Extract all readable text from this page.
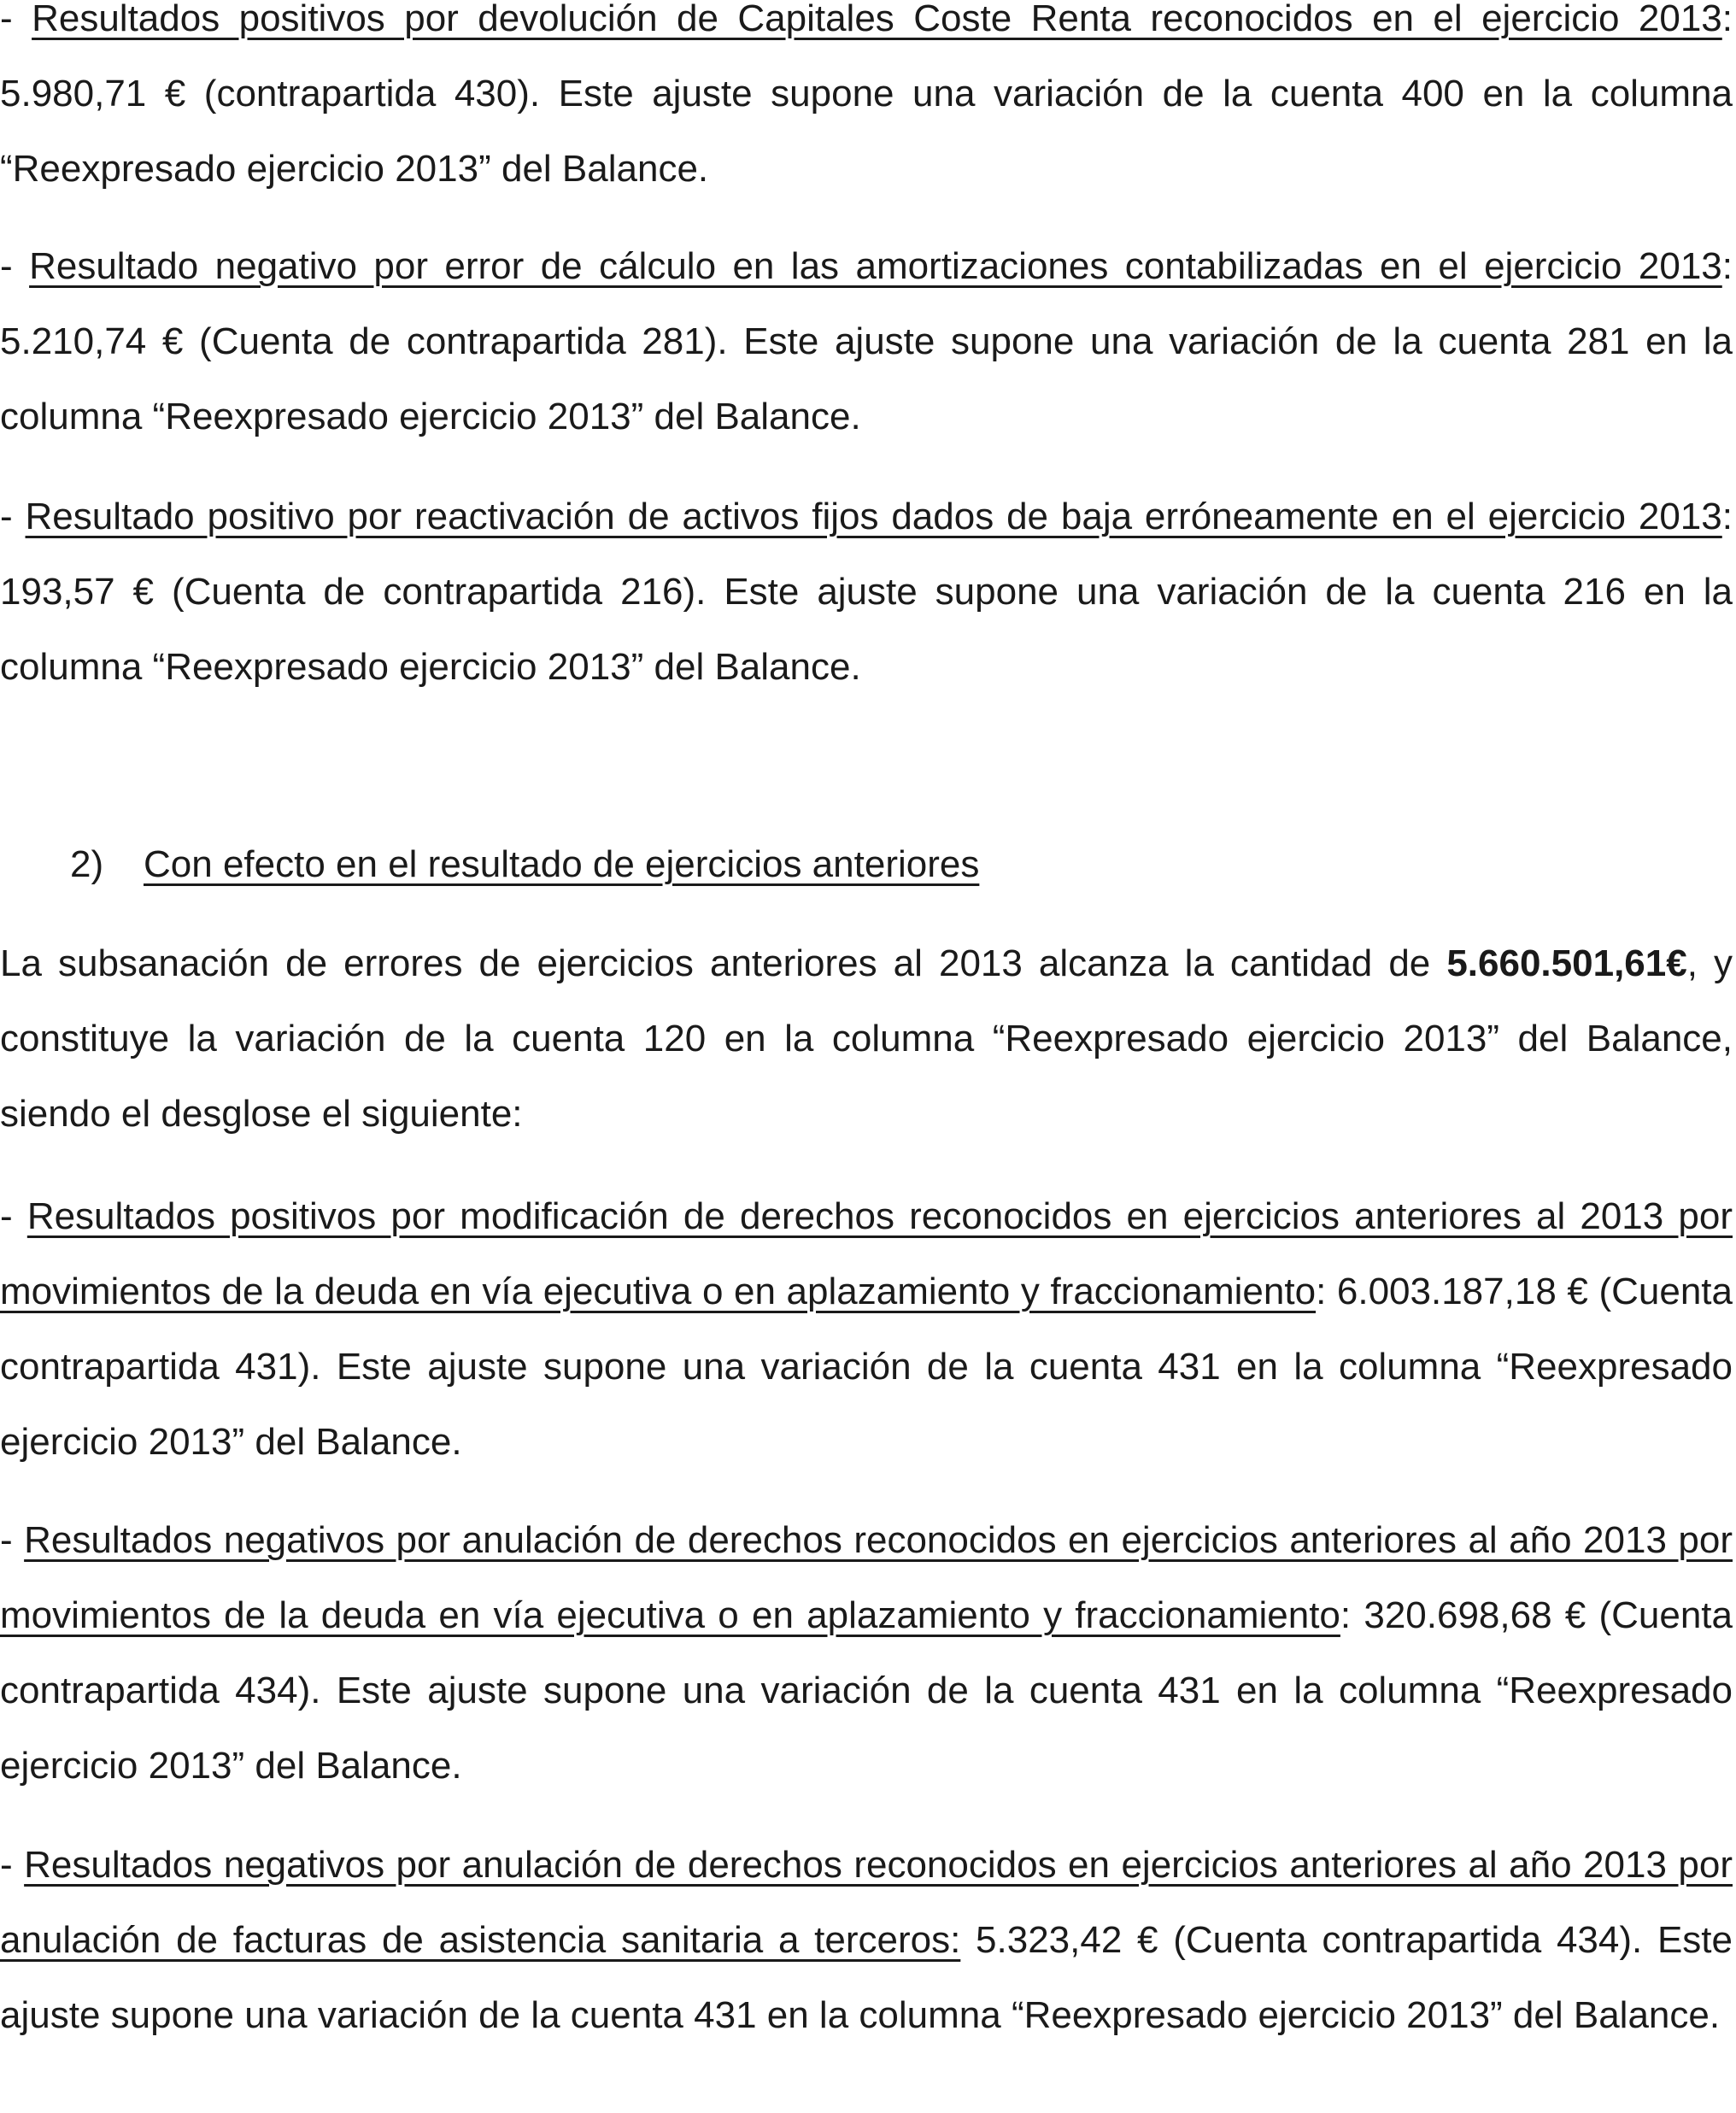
- Resultados positivos por devolución de Capitales Coste Renta reconocidos en el ejercicio 2013: 5.980,71 € (contrapartida 430). Este ajuste supone una variación de la cuenta 400 en la columna “Reexpresado ejercicio 2013” del Balance.

- Resultado negativo por error de cálculo en las amortizaciones contabilizadas en el ejercicio 2013: 5.210,74 € (Cuenta de contrapartida 281). Este ajuste supone una variación de la cuenta 281 en la columna “Reexpresado ejercicio 2013” del Balance.

- Resultado positivo por reactivación de activos fijos dados de baja erróneamente en el ejercicio 2013: 193,57 € (Cuenta de contrapartida 216). Este ajuste supone una variación de la cuenta 216 en la columna “Reexpresado ejercicio 2013” del Balance.

2) Con efecto en el resultado de ejercicios anteriores

La subsanación de errores de ejercicios anteriores al 2013 alcanza la cantidad de 5.660.501,61€, y constituye la variación de la cuenta 120 en la columna “Reexpresado ejercicio 2013” del Balance, siendo el desglose el siguiente:

- Resultados positivos por modificación de derechos reconocidos en ejercicios anteriores al 2013 por movimientos de la deuda en vía ejecutiva o en aplazamiento y fraccionamiento: 6.003.187,18 € (Cuenta contrapartida 431). Este ajuste supone una variación de la cuenta 431 en la columna “Reexpresado ejercicio 2013” del Balance.

- Resultados negativos por anulación de derechos reconocidos en ejercicios anteriores al año 2013 por movimientos de la deuda en vía ejecutiva o en aplazamiento y fraccionamiento: 320.698,68 € (Cuenta contrapartida 434). Este ajuste supone una variación de la cuenta 431 en la columna “Reexpresado ejercicio 2013” del Balance.

- Resultados negativos por anulación de derechos reconocidos en ejercicios anteriores al año 2013 por anulación de facturas de asistencia sanitaria a terceros: 5.323,42 € (Cuenta contrapartida 434). Este ajuste supone una variación de la cuenta 431 en la columna “Reexpresado ejercicio 2013” del Balance.
